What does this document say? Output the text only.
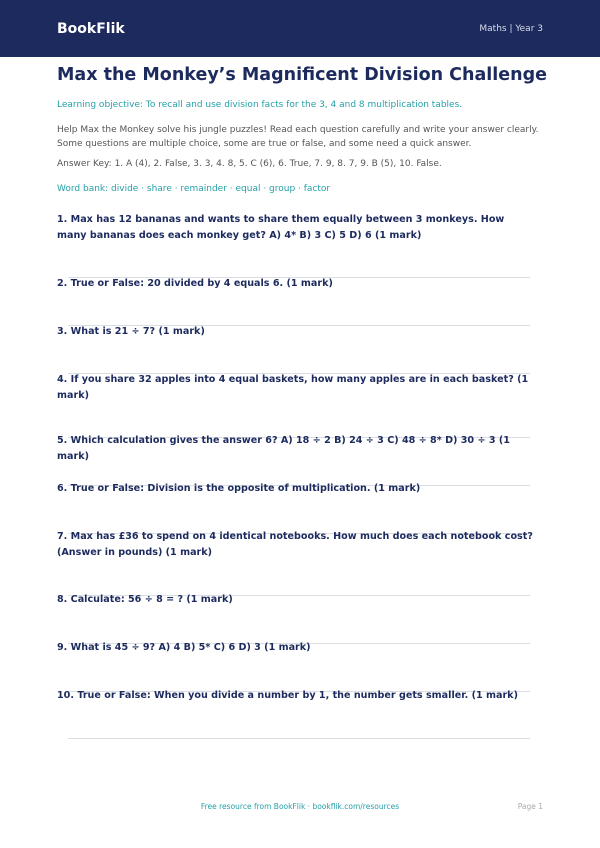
BookFlik	Maths | Year 3
Max the Monkey’s Magnificent Division Challenge
Learning objective: To recall and use division facts for the 3, 4 and 8 multiplication tables.
Help Max the Monkey solve his jungle puzzles! Read each question carefully and write your answer clearly. Some questions are multiple choice, some are true or false, and some need a quick answer.
Answer Key: 1. A (4), 2. False, 3. 3, 4. 8, 5. C (6), 6. True, 7. 9, 8. 7, 9. B (5), 10. False.
Word bank: divide · share · remainder · equal · group · factor
1. Max has 12 bananas and wants to share them equally between 3 monkeys. How many bananas does each monkey get? A) 4* B) 3 C) 5 D) 6 (1 mark)
2. True or False: 20 divided by 4 equals 6. (1 mark)
3. What is 21 ÷ 7? (1 mark)
4. If you share 32 apples into 4 equal baskets, how many apples are in each basket? (1 mark)
5. Which calculation gives the answer 6? A) 18 ÷ 2 B) 24 ÷ 3 C) 48 ÷ 8* D) 30 ÷ 3 (1 mark)
6. True or False: Division is the opposite of multiplication. (1 mark)
7. Max has £36 to spend on 4 identical notebooks. How much does each notebook cost? (Answer in pounds) (1 mark)
8. Calculate: 56 ÷ 8 = ? (1 mark)
9. What is 45 ÷ 9? A) 4 B) 5* C) 6 D) 3 (1 mark)
10. True or False: When you divide a number by 1, the number gets smaller. (1 mark)
Free resource from BookFlik · bookflik.com/resources	Page 1
